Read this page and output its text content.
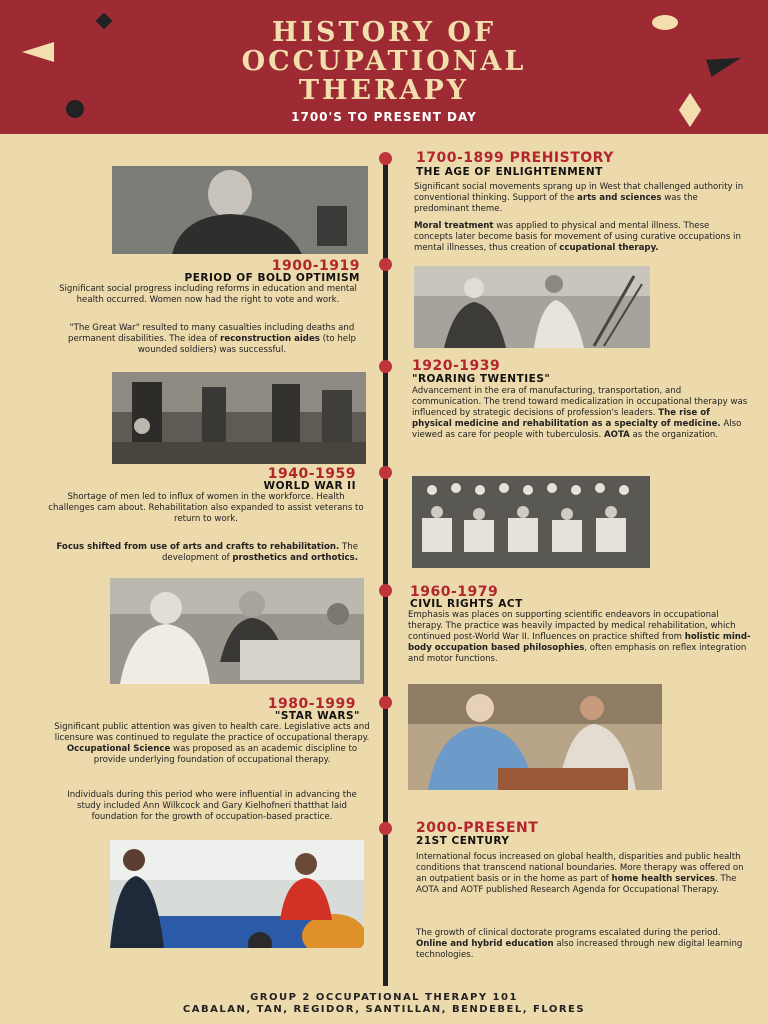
HISTORY OF
OCCUPATIONAL
THERAPY
1700'S TO PRESENT DAY
1700-1899 PREHISTORY
THE AGE OF ENLIGHTENMENT
Significant social movements sprang up in West that challenged authority in conventional thinking. Support of the arts and sciences was the predominant theme.
Moral treatment was applied to physical and mental illness. These concepts later become basis for movement of using curative occupations in mental illnesses, thus creation of ccupational therapy.
1900-1919
PERIOD OF BOLD OPTIMISM
Significant social progress including reforms in education and mental health occurred. Women now had the right to vote and work.
"The Great War" resulted to many casualties including deaths and permanent disabilities. The idea of reconstruction aides (to help wounded soldiers) was successful.
1920-1939
"ROARING TWENTIES"
Advancement in the era of manufacturing, transportation, and communication. The trend toward medicalization in occupational therapy was influenced by strategic decisions of profession's leaders. The rise of physical medicine and rehabilitation as a specialty of medicine. Also viewed as care for people with tuberculosis. AOTA as the organization.
1940-1959
WORLD WAR II
Shortage of men led to influx of women in the workforce. Health challenges cam about. Rehabilitation also expanded to assist veterans to return to work.
Focus shifted from use of arts and crafts to rehabilitation. The development of prosthetics and orthotics.
1960-1979
CIVIL RIGHTS ACT
Emphasis was places on supporting scientific endeavors in occupational therapy. The practice was heavily impacted by medical rehabilitation, which continued post-World War II. Influences on practice shifted from holistic mind-body occupation based philosophies, often emphasis on reflex integration and motor functions.
1980-1999
"STAR WARS"
Significant public attention was given to health care. Legislative acts and licensure was continued to regulate the practice of occupational therapy. Occupational Science was proposed as an academic discipline to provide underlying foundation of occupational therapy.
Individuals during this period who were influential in advancing the study included Ann Wilkcock and Gary Kielhofneri thatthat laid foundation for the growth of occupation-based practice.
2000-PRESENT
21ST CENTURY
International focus increased on global health, disparities and public health conditions that transcend national boundaries. More therapy was offered on an outpatient basis or in the home as part of home health services. The AOTA and AOTF published Research Agenda for Occupational Therapy.
The growth of clinical doctorate programs escalated during the period. Online and hybrid education also increased through new digital learning technologies.
GROUP 2 OCCUPATIONAL THERAPY 101
CABALAN, TAN, REGIDOR, SANTILLAN, BENDEBEL, FLORES
